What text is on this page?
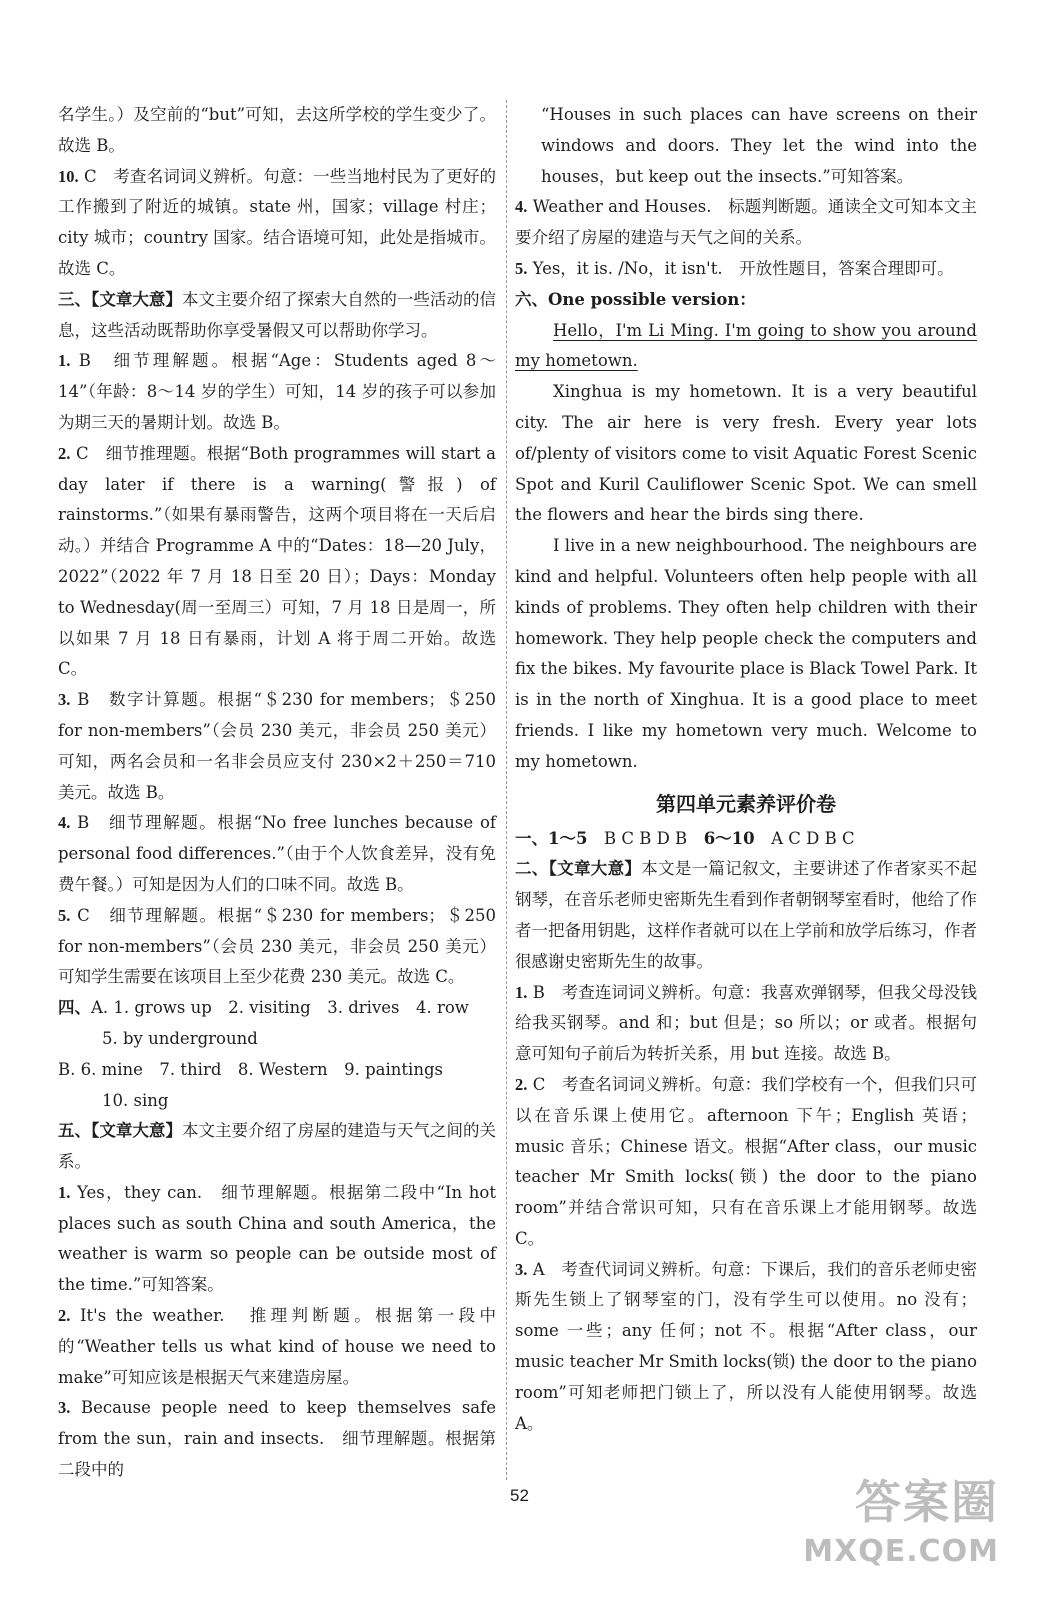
名学生。）及空前的“but”可知，去这所学校的学生变少了。故选 B。

10. C　考查名词词义辨析。句意：一些当地村民为了更好的工作搬到了附近的城镇。state 州，国家；village 村庄；city 城市；country 国家。结合语境可知，此处是指城市。故选 C。

三、【文章大意】本文主要介绍了探索大自然的一些活动的信息，这些活动既帮助你享受暑假又可以帮助你学习。

1. B　细节理解题。根据“Age：Students aged 8～14”（年龄：8～14 岁的学生）可知，14 岁的孩子可以参加为期三天的暑期计划。故选 B。

2. C　细节推理题。根据“Both programmes will start a day later if there is a warning(警报) of rainstorms.”（如果有暴雨警告，这两个项目将在一天后启动。）并结合 Programme A 中的“Dates：18—20 July，2022”（2022 年 7 月 18 日至 20 日）；Days：Monday to Wednesday(周一至周三）可知，7 月 18 日是周一，所以如果 7 月 18 日有暴雨，计划 A 将于周二开始。故选 C。

3. B　数字计算题。根据“＄230 for members；＄250 for non-members”（会员 230 美元，非会员 250 美元）可知，两名会员和一名非会员应支付 230×2＋250＝710 美元。故选 B。

4. B　细节理解题。根据“No free lunches because of personal food differences.”（由于个人饮食差异，没有免费午餐。）可知是因为人们的口味不同。故选 B。

5. C　细节理解题。根据“＄230 for members；＄250 for non-members”（会员 230 美元，非会员 250 美元）可知学生需要在该项目上至少花费 230 美元。故选 C。

四、A. 1. grows up　2. visiting　3. drives　4. row

5. by underground

B. 6. mine　7. third　8. Western　9. paintings

10. sing

五、【文章大意】本文主要介绍了房屋的建造与天气之间的关系。

1. Yes，they can.　细节理解题。根据第二段中“In hot places such as south China and south America，the weather is warm so people can be outside most of the time.”可知答案。

2. It's the weather.　推理判断题。根据第一段中的“Weather tells us what kind of house we need to make”可知应该是根据天气来建造房屋。

3. Because people need to keep themselves safe from the sun，rain and insects.　细节理解题。根据第二段中的

“Houses in such places can have screens on their windows and doors. They let the wind into the houses，but keep out the insects.”可知答案。

4. Weather and Houses.　标题判断题。通读全文可知本文主要介绍了房屋的建造与天气之间的关系。

5. Yes，it is. /No，it isn't.　开放性题目，答案合理即可。

六、One possible version：

Hello，I'm Li Ming. I'm going to show you around my hometown.

Xinghua is my hometown. It is a very beautiful city. The air here is very fresh. Every year lots of/plenty of visitors come to visit Aquatic Forest Scenic Spot and Kuril Cauliflower Scenic Spot. We can smell the flowers and hear the birds sing there.

I live in a new neighbourhood. The neighbours are kind and helpful. Volunteers often help people with all kinds of problems. They often help children with their homework. They help people check the computers and fix the bikes. My favourite place is Black Towel Park. It is in the north of Xinghua. It is a good place to meet friends. I like my hometown very much. Welcome to my hometown.

第四单元素养评价卷

一、1～5　B C B D B　6～10　A C D B C

二、【文章大意】本文是一篇记叙文，主要讲述了作者家买不起钢琴，在音乐老师史密斯先生看到作者朝钢琴室看时，他给了作者一把备用钥匙，这样作者就可以在上学前和放学后练习，作者很感谢史密斯先生的故事。

1. B　考查连词词义辨析。句意：我喜欢弹钢琴，但我父母没钱给我买钢琴。and 和；but 但是；so 所以；or 或者。根据句意可知句子前后为转折关系，用 but 连接。故选 B。

2. C　考查名词词义辨析。句意：我们学校有一个，但我们只可以在音乐课上使用它。afternoon 下午；English 英语；music 音乐；Chinese 语文。根据“After class，our music teacher Mr Smith locks(锁) the door to the piano room”并结合常识可知，只有在音乐课上才能用钢琴。故选 C。

3. A　考查代词词义辨析。句意：下课后，我们的音乐老师史密斯先生锁上了钢琴室的门，没有学生可以使用。no 没有；some 一些；any 任何；not 不。根据“After class，our music teacher Mr Smith locks(锁) the door to the piano room”可知老师把门锁上了，所以没有人能使用钢琴。故选 A。

52	答案圈
MXQE.COM
